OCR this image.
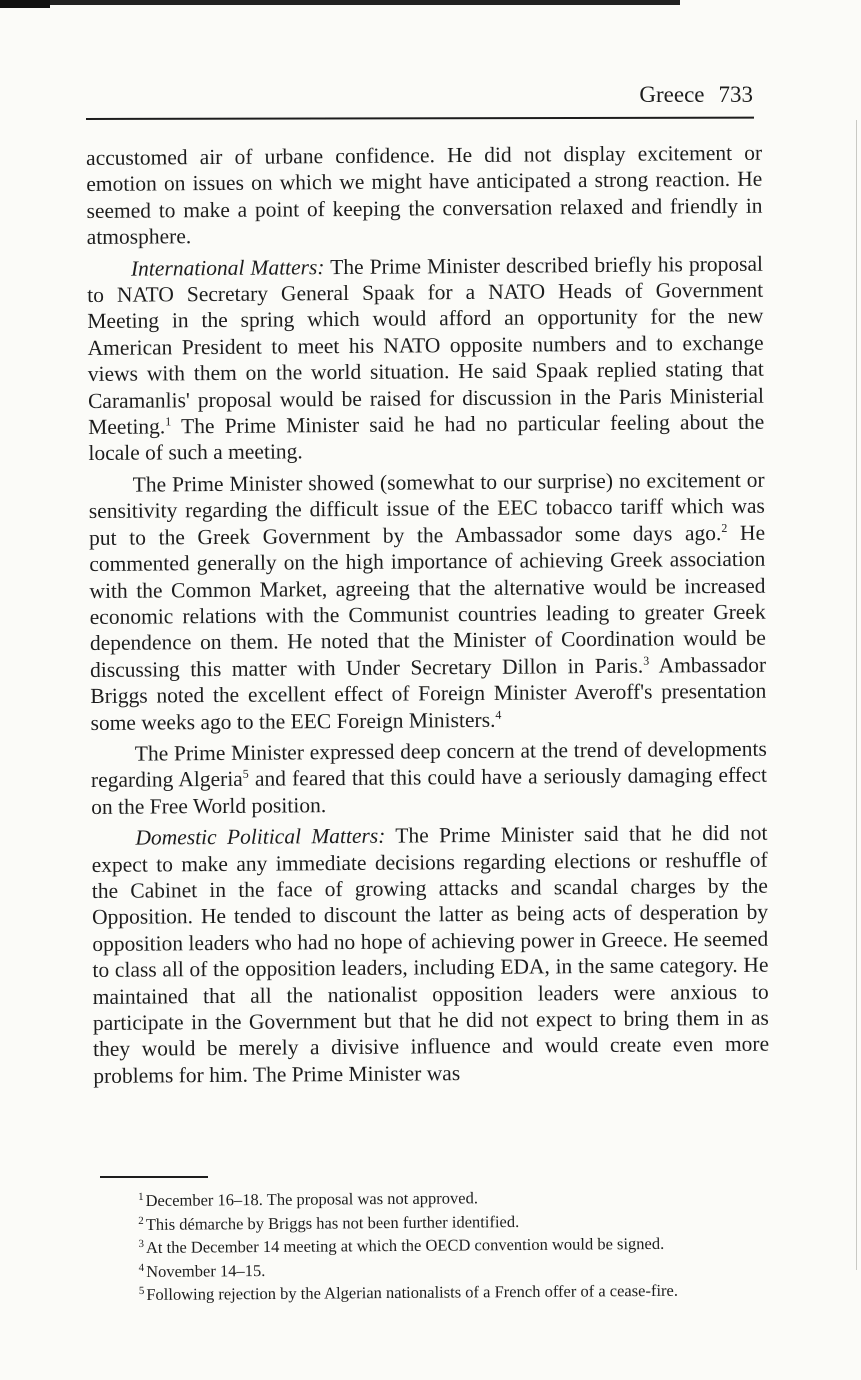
Greece 733

accustomed air of urbane confidence. He did not display excitement or emotion on issues on which we might have anticipated a strong reaction. He seemed to make a point of keeping the conversation relaxed and friendly in atmosphere.

International Matters: The Prime Minister described briefly his proposal to NATO Secretary General Spaak for a NATO Heads of Government Meeting in the spring which would afford an opportunity for the new American President to meet his NATO opposite numbers and to exchange views with them on the world situation. He said Spaak replied stating that Caramanlis' proposal would be raised for discussion in the Paris Ministerial Meeting.$^1$ The Prime Minister said he had no particular feeling about the locale of such a meeting.

The Prime Minister showed (somewhat to our surprise) no excitement or sensitivity regarding the difficult issue of the EEC tobacco tariff which was put to the Greek Government by the Ambassador some days ago.$^2$ He commented generally on the high importance of achieving Greek association with the Common Market, agreeing that the alternative would be increased economic relations with the Communist countries leading to greater Greek dependence on them. He noted that the Minister of Coordination would be discussing this matter with Under Secretary Dillon in Paris.$^3$ Ambassador Briggs noted the excellent effect of Foreign Minister Averoff's presentation some weeks ago to the EEC Foreign Ministers.$^4$

The Prime Minister expressed deep concern at the trend of developments regarding Algeria$^5$ and feared that this could have a seriously damaging effect on the Free World position.

Domestic Political Matters: The Prime Minister said that he did not expect to make any immediate decisions regarding elections or reshuffle of the Cabinet in the face of growing attacks and scandal charges by the Opposition. He tended to discount the latter as being acts of desperation by opposition leaders who had no hope of achieving power in Greece. He seemed to class all of the opposition leaders, including EDA, in the same category. He maintained that all the nationalist opposition leaders were anxious to participate in the Government but that he did not expect to bring them in as they would be merely a divisive influence and would create even more problems for him. The Prime Minister was

$^1$ December 16–18. The proposal was not approved.
$^2$ This démarche by Briggs has not been further identified.
$^3$ At the December 14 meeting at which the OECD convention would be signed.
$^4$ November 14–15.
$^5$ Following rejection by the Algerian nationalists of a French offer of a cease-fire.
